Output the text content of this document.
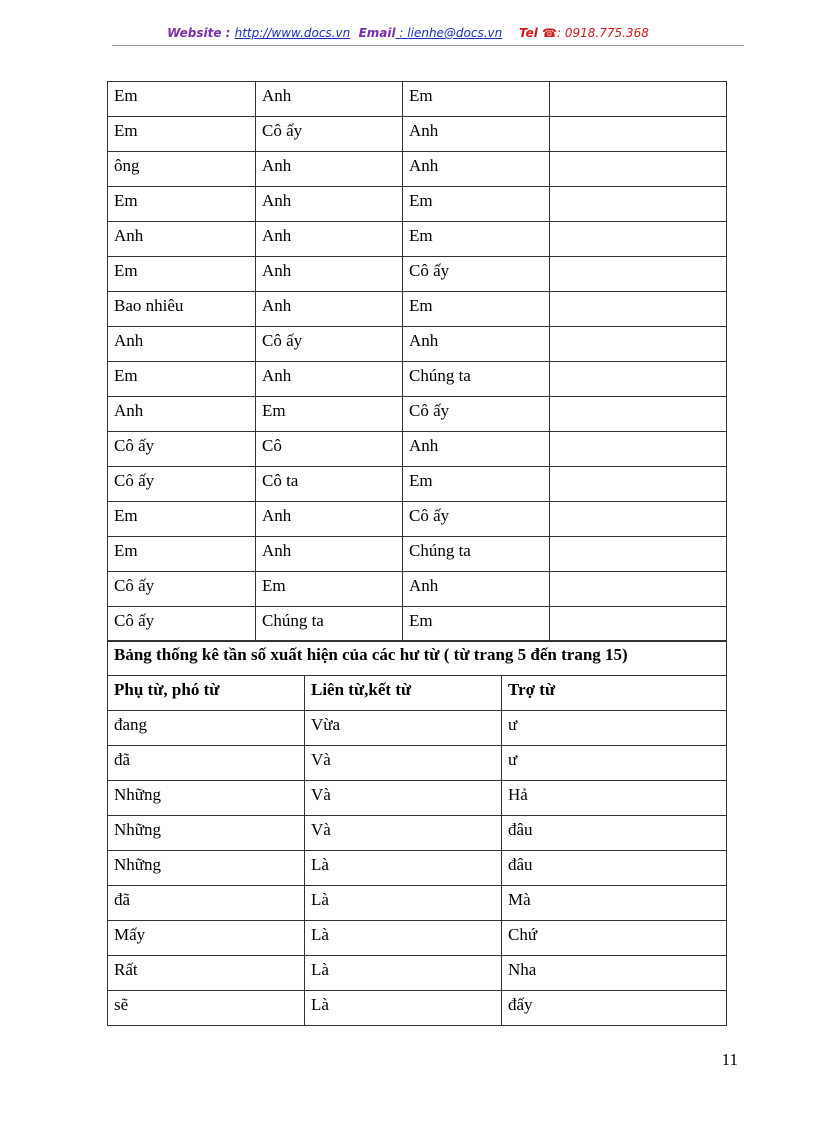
Website : http://www.docs.vn Email : lienhe@docs.vn Tel ☎: 0918.775.368
Em	Anh	Em	
Em	Cô ấy	Anh	
ông	Anh	Anh	
Em	Anh	Em	
Anh	Anh	Em	
Em	Anh	Cô ấy	
Bao nhiêu	Anh	Em	
Anh	Cô ấy	Anh	
Em	Anh	Chúng ta	
Anh	Em	Cô ấy	
Cô ấy	Cô	Anh	
Cô ấy	Cô ta	Em	
Em	Anh	Cô ấy	
Em	Anh	Chúng ta	
Cô ấy	Em	Anh	
Cô ấy	Chúng ta	Em	
Bảng thống kê tần số xuất hiện của các hư từ ( từ trang 5 đến trang 15)		
Phụ từ, phó từ	Liên từ,kết từ	Trợ từ
đang	Vừa	ư
đã	Và	ư
Những	Và	Hả
Những	Và	đâu
Những	Là	đâu
đã	Là	Mà
Mấy	Là	Chứ
Rất	Là	Nha
sẽ	Là	đấy
11
